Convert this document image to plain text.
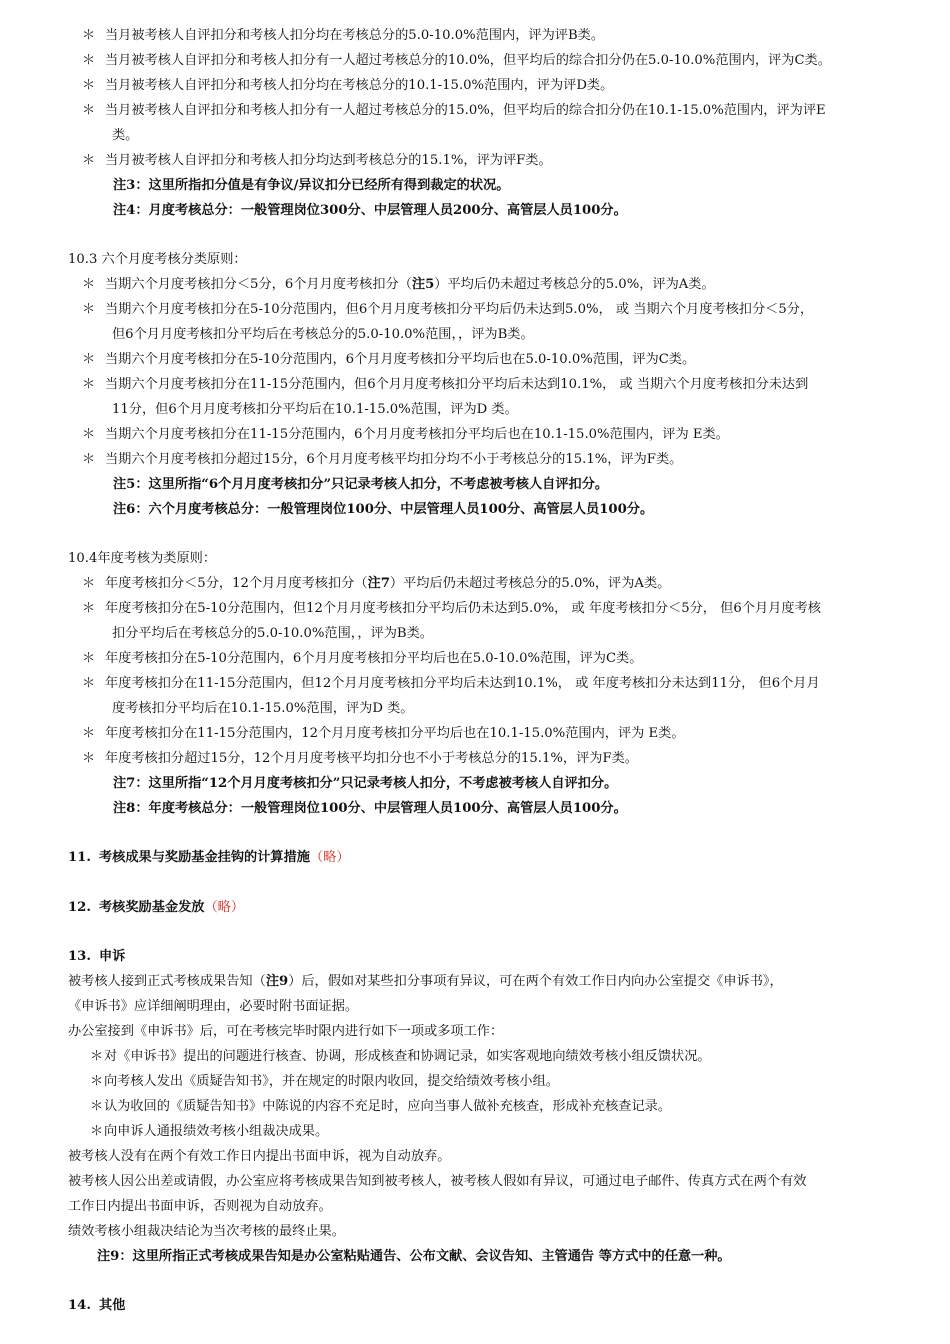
＊ 当月被考核人自评扣分和考核人扣分均在考核总分的5.0-10.0%范围内，评为评B类。
＊ 当月被考核人自评扣分和考核人扣分有一人超过考核总分的10.0%，但平均后的综合扣分仍在5.0-10.0%范围内，评为C类。
＊ 当月被考核人自评扣分和考核人扣分均在考核总分的10.1-15.0%范围内，评为评D类。
＊ 当月被考核人自评扣分和考核人扣分有一人超过考核总分的15.0%，但平均后的综合扣分仍在10.1-15.0%范围内，评为评E
类。
＊ 当月被考核人自评扣分和考核人扣分均达到考核总分的15.1%，评为评F类。
注3：这里所指扣分值是有争议/异议扣分已经所有得到裁定的状况。
注4：月度考核总分：一般管理岗位300分、中层管理人员200分、高管层人员100分。
10.3 六个月度考核分类原则：
＊ 当期六个月度考核扣分＜5分，6个月月度考核扣分（注5）平均后仍未超过考核总分的5.0%，评为A类。
＊ 当期六个月度考核扣分在5-10分范围内，但6个月月度考核扣分平均后仍未达到5.0%， 或 当期六个月度考核扣分＜5分，
但6个月月度考核扣分平均后在考核总分的5.0-10.0%范围，，评为B类。
＊ 当期六个月度考核扣分在5-10分范围内，6个月月度考核扣分平均后也在5.0-10.0%范围，评为C类。
＊ 当期六个月度考核扣分在11-15分范围内，但6个月月度考核扣分平均后未达到10.1%， 或 当期六个月度考核扣分未达到
11分，但6个月月度考核扣分平均后在10.1-15.0%范围，评为D 类。
＊ 当期六个月度考核扣分在11-15分范围内，6个月月度考核扣分平均后也在10.1-15.0%范围内，评为 E类。
＊ 当期六个月度考核扣分超过15分，6个月月度考核平均扣分均不小于考核总分的15.1%，评为F类。
注5：这里所指“6个月月度考核扣分”只记录考核人扣分，不考虑被考核人自评扣分。
注6：六个月度考核总分：一般管理岗位100分、中层管理人员100分、高管层人员100分。
10.4年度考核为类原则：
＊ 年度考核扣分＜5分，12个月月度考核扣分（注7）平均后仍未超过考核总分的5.0%，评为A类。
＊ 年度考核扣分在5-10分范围内，但12个月月度考核扣分平均后仍未达到5.0%， 或 年度考核扣分＜5分， 但6个月月度考核
扣分平均后在考核总分的5.0-10.0%范围，，评为B类。
＊ 年度考核扣分在5-10分范围内，6个月月度考核扣分平均后也在5.0-10.0%范围，评为C类。
＊ 年度考核扣分在11-15分范围内，但12个月月度考核扣分平均后未达到10.1%， 或 年度考核扣分未达到11分， 但6个月月
度考核扣分平均后在10.1-15.0%范围，评为D 类。
＊ 年度考核扣分在11-15分范围内，12个月月度考核扣分平均后也在10.1-15.0%范围内，评为 E类。
＊ 年度考核扣分超过15分，12个月月度考核平均扣分也不小于考核总分的15.1%，评为F类。
注7：这里所指“12个月月度考核扣分”只记录考核人扣分，不考虑被考核人自评扣分。
注8：年度考核总分：一般管理岗位100分、中层管理人员100分、高管层人员100分。
11. 考核成果与奖励基金挂钩的计算措施（略）
12. 考核奖励基金发放（略）
13. 申诉
被考核人接到正式考核成果告知（注9）后，假如对某些扣分事项有异议，可在两个有效工作日内向办公室提交《申诉书》，
《申诉书》应详细阐明理由，必要时附书面证据。
办公室接到《申诉书》后，可在考核完毕时限内进行如下一项或多项工作：
＊ 对《申诉书》提出的问题进行核查、协调，形成核查和协调记录，如实客观地向绩效考核小组反馈状况。
＊ 向考核人发出《质疑告知书》，并在规定的时限内收回，提交给绩效考核小组。
＊ 认为收回的《质疑告知书》中陈说的内容不充足时，应向当事人做补充核查，形成补充核查记录。
＊ 向申诉人通报绩效考核小组裁决成果。
被考核人没有在两个有效工作日内提出书面申诉，视为自动放弃。
被考核人因公出差或请假，办公室应将考核成果告知到被考核人，被考核人假如有异议，可通过电子邮件、传真方式在两个有效
工作日内提出书面申诉，否则视为自动放弃。
绩效考核小组裁决结论为当次考核的最终止果。
注9：这里所指正式考核成果告知是办公室粘贴通告、公布文献、会议告知、主管通告 等方式中的任意一种。
14. 其他
